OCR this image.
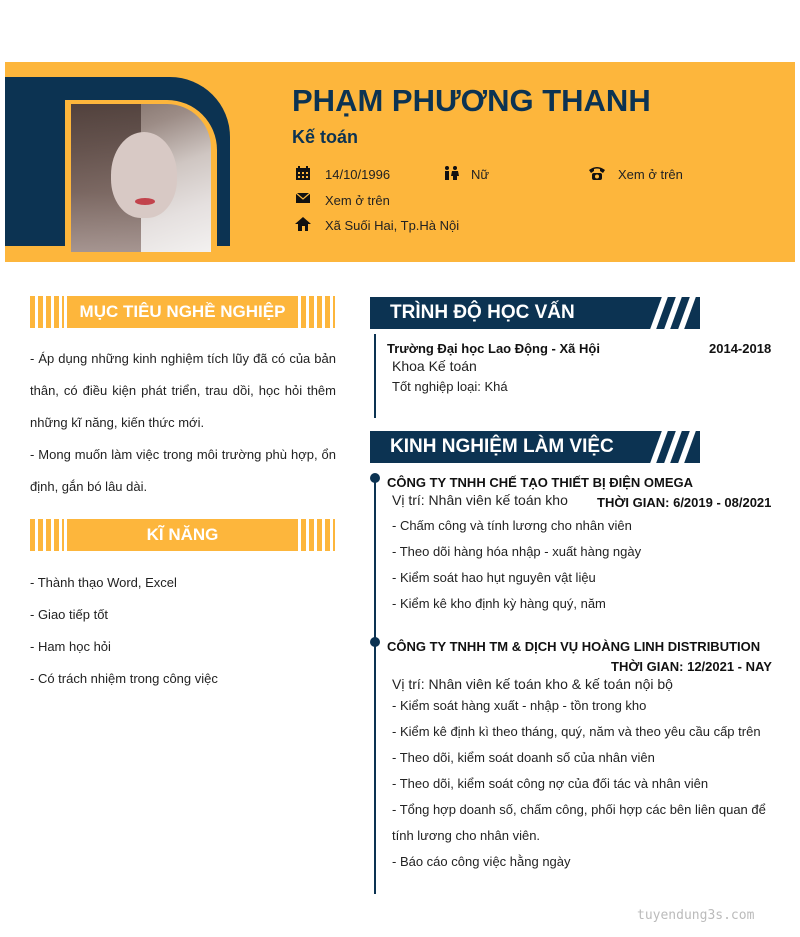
PHẠM PHƯƠNG THANH
Kế toán
14/10/1996	Nữ	Xem ở trên
Xem ở trên
Xã Suối Hai, Tp.Hà Nội
MỤC TIÊU NGHỀ NGHIỆP
- Áp dụng những kinh nghiệm tích lũy đã có của bản thân, có điều kiện phát triển, trau dồi, học hỏi thêm những kĩ năng, kiến thức mới.
- Mong muốn làm việc trong môi trường phù hợp, ổn định, gắn bó lâu dài.
KĨ NĂNG
- Thành thạo Word, Excel
- Giao tiếp tốt
- Ham học hỏi
- Có trách nhiệm trong công việc
TRÌNH ĐỘ HỌC VẤN
Trường Đại học Lao Động - Xã Hội	2014-2018
Khoa Kế toán
Tốt nghiệp loại: Khá
KINH NGHIỆM LÀM VIỆC
CÔNG TY TNHH CHẾ TẠO THIẾT BỊ ĐIỆN OMEGA
Vị trí: Nhân viên kế toán kho THỜI GIAN: 6/2019 - 08/2021
- Chấm công và tính lương cho nhân viên
- Theo dõi hàng hóa nhập - xuất hàng ngày
- Kiểm soát hao hụt nguyên vật liệu
- Kiểm kê kho định kỳ hàng quý, năm
CÔNG TY TNHH TM & DỊCH VỤ HOÀNG LINH DISTRIBUTION
THỜI GIAN: 12/2021 - NAY
Vị trí: Nhân viên kế toán kho & kế toán nội bộ
- Kiểm soát hàng xuất - nhập - tồn trong kho
- Kiểm kê định kì theo tháng, quý, năm và theo yêu cầu cấp trên
- Theo dõi, kiểm soát doanh số của nhân viên
- Theo dõi, kiểm soát công nợ của đối tác và nhân viên
- Tổng hợp doanh số, chấm công, phối hợp các bên liên quan để
tính lương cho nhân viên.
- Báo cáo công việc hằng ngày
tuyendung3s.com
